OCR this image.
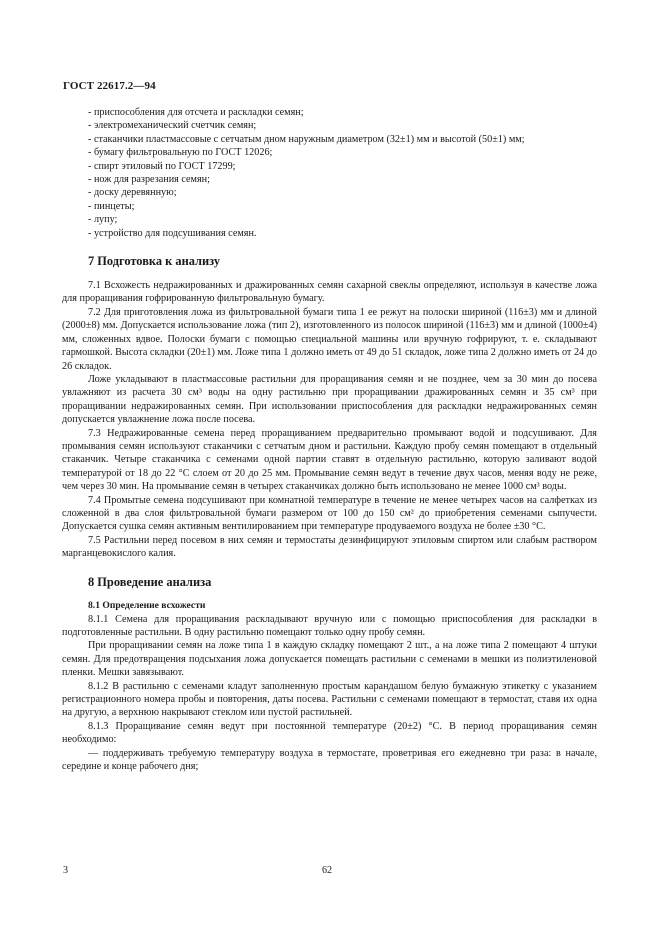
ГОСТ 22617.2—94

- приспособления для отсчета и раскладки семян;

- электромеханический счетчик семян;

- стаканчики пластмассовые с сетчатым дном наружным диаметром (32±1) мм и высотой (50±1) мм;

- бумагу фильтровальную по ГОСТ 12026;

- спирт этиловый по ГОСТ 17299;

- нож для разрезания семян;

- доску деревянную;

- пинцеты;

- лупу;

- устройство для подсушивания семян.

7 Подготовка к анализу

7.1 Всхожесть недражированных и дражированных семян сахарной свеклы определяют, используя в качестве ложа для проращивания гофрированную фильтровальную бумагу.

7.2 Для приготовления ложа из фильтровальной бумаги типа 1 ее режут на полоски шириной (116±3) мм и длиной (2000±8) мм. Допускается использование ложа (тип 2), изготовленного из полосок шириной (116±3) мм и длиной (1000±4) мм, сложенных вдвое. Полоски бумаги с помощью специальной машины или вручную гофрируют, т. е. складывают гармошкой. Высота складки (20±1) мм. Ложе типа 1 должно иметь от 49 до 51 складок, ложе типа 2 должно иметь от 24 до 26 складок.

Ложе укладывают в пластмассовые растильни для проращивания семян и не позднее, чем за 30 мин до посева увлажняют из расчета 30 см³ воды на одну растильню при проращивании дражированных семян и 35 см³ при проращивании недражированных семян. При использовании приспособления для раскладки недражированных семян допускается увлажнение ложа после посева.

7.3 Недражированные семена перед проращиванием предварительно промывают водой и подсушивают. Для промывания семян используют стаканчики с сетчатым дном и растильни. Каждую пробу семян помещают в отдельный стаканчик. Четыре стаканчика с семенами одной партии ставят в отдельную растильню, которую заливают водой температурой от 18 до 22 °С слоем от 20 до 25 мм. Промывание семян ведут в течение двух часов, меняя воду не реже, чем через 30 мин. На промывание семян в четырех стаканчиках должно быть использовано не менее 1000 см³ воды.

7.4 Промытые семена подсушивают при комнатной температуре в течение не менее четырех часов на салфетках из сложенной в два слоя фильтровальной бумаги размером от 100 до 150 см² до приобретения семенами сыпучести. Допускается сушка семян активным вентилированием при температуре продуваемого воздуха не более ±30 °С.

7.5 Растильни перед посевом в них семян и термостаты дезинфицируют этиловым спиртом или слабым раствором марганцевокислого калия.

8 Проведение анализа
8.1 Определение всхожести

8.1.1 Семена для проращивания раскладывают вручную или с помощью приспособления для раскладки в подготовленные растильни. В одну растильню помещают только одну пробу семян.

При проращивании семян на ложе типа 1 в каждую складку помещают 2 шт., а на ложе типа 2 помещают 4 штуки семян. Для предотвращения подсыхания ложа допускается помещать растильни с семенами в мешки из полиэтиленовой пленки. Мешки завязывают.

8.1.2 В растильню с семенами кладут заполненную простым карандашом белую бумажную этикетку с указанием регистрационного номера пробы и повторения, даты посева. Растильни с семенами помещают в термостат, ставя их одна на другую, а верхнюю накрывают стеклом или пустой растильней.

8.1.3 Проращивание семян ведут при постоянной температуре (20±2) °С. В период проращивания семян необходимо:

— поддерживать требуемую температуру воздуха в термостате, проветривая его ежедневно три раза: в начале, середине и конце рабочего дня;

3	62
